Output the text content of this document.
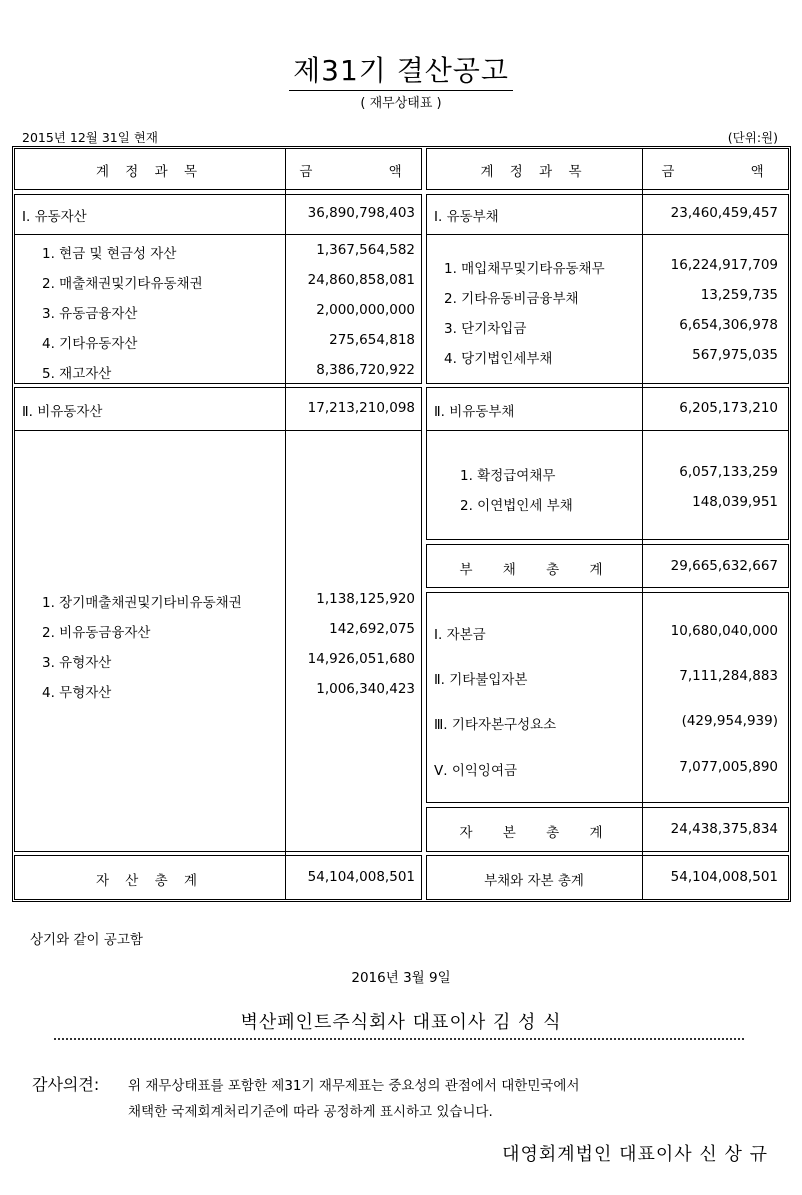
제31기 결산공고
( 재무상태표 )
2015년 12월 31일 현재	(단위:원)
계 정 과 목	금 액	계 정 과 목	금 액
Ⅰ. 유동자산	36,890,798,403
1. 현금 및 현금성 자산	1,367,564,582
2. 매출채권및기타유동채권	24,860,858,081
3. 유동금융자산	2,000,000,000
4. 기타유동자산	275,654,818
5. 재고자산	8,386,720,922
Ⅱ. 비유동자산	17,213,210,098
1. 장기매출채권및기타비유동채권	1,138,125,920
2. 비유동금융자산	142,692,075
3. 유형자산	14,926,051,680
4. 무형자산	1,006,340,423
자 산 총 계	54,104,008,501
Ⅰ. 유동부채	23,460,459,457
1. 매입채무및기타유동채무	16,224,917,709
2. 기타유동비금융부채	13,259,735
3. 단기차입금	6,654,306,978
4. 당기법인세부채	567,975,035
Ⅱ. 비유동부채	6,205,173,210
1. 확정급여채무	6,057,133,259
2. 이연법인세 부채	148,039,951
부 채 총 계	29,665,632,667
Ⅰ. 자본금	10,680,040,000
Ⅱ. 기타불입자본	7,111,284,883
Ⅲ. 기타자본구성요소	(429,954,939)
Ⅴ. 이익잉여금	7,077,005,890
자 본 총 계	24,438,375,834
부채와 자본 총계	54,104,008,501
상기와 같이 공고함
2016년 3월 9일
벽산페인트주식회사 대표이사 김 성 식
감사의견: 위 재무상태표를 포함한 제31기 재무제표는 중요성의 관점에서 대한민국에서
채택한 국제회계처리기준에 따라 공정하게 표시하고 있습니다.
대영회계법인 대표이사 신 상 규
